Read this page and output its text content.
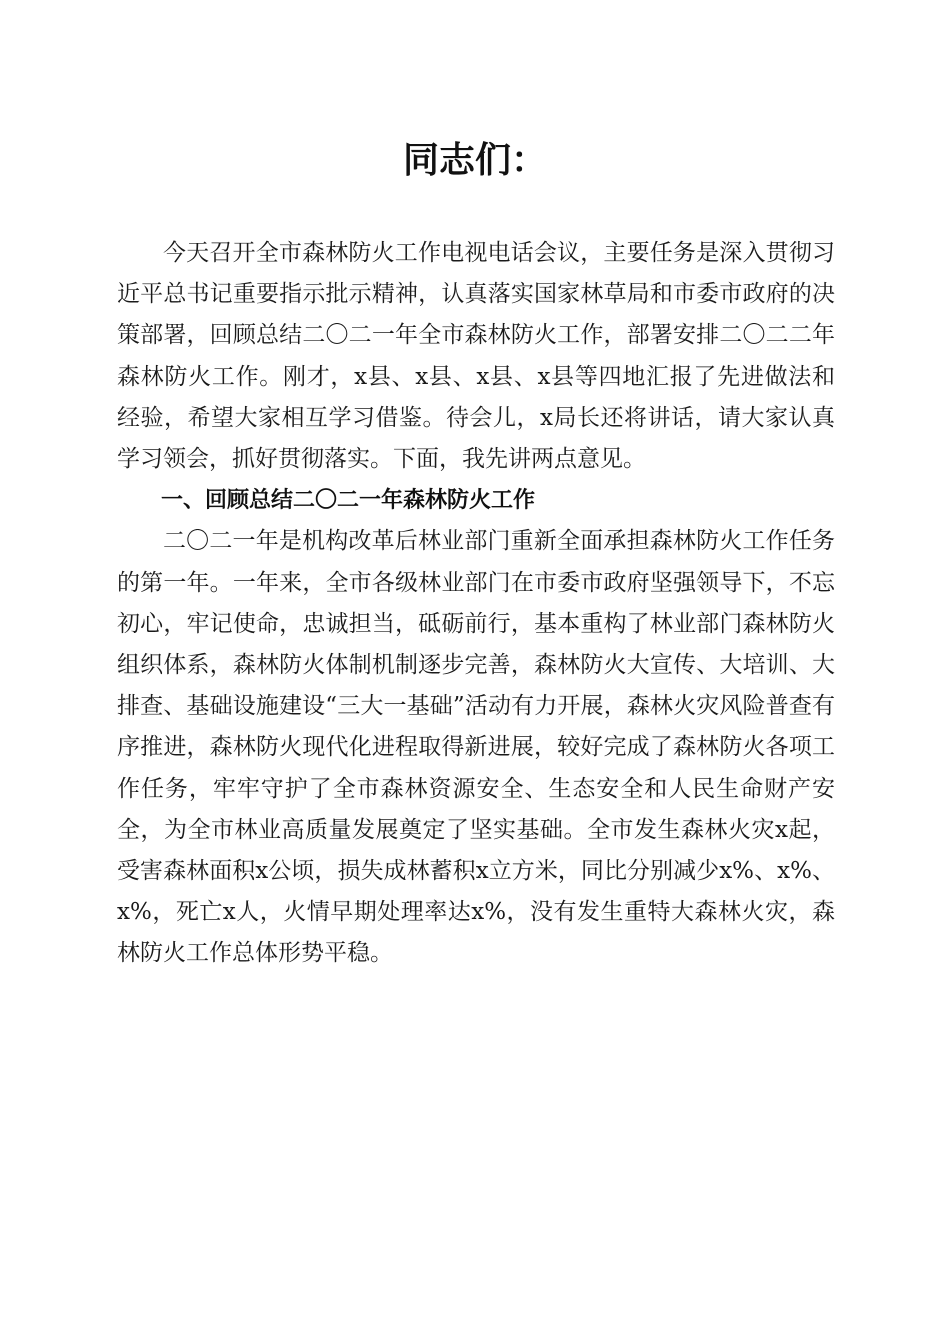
同志们：

今天召开全市森林防火工作电视电话会议，主要任务是深入贯彻习近平总书记重要指示批示精神，认真落实国家林草局和市委市政府的决策部署，回顾总结二〇二一年全市森林防火工作，部署安排二〇二二年森林防火工作。刚才，x县、x县、x县、x县等四地汇报了先进做法和经验，希望大家相互学习借鉴。待会儿，x局长还将讲话，请大家认真学习领会，抓好贯彻落实。下面，我先讲两点意见。

一、回顾总结二〇二一年森林防火工作

二〇二一年是机构改革后林业部门重新全面承担森林防火工作任务的第一年。一年来，全市各级林业部门在市委市政府坚强领导下，不忘初心，牢记使命，忠诚担当，砥砺前行，基本重构了林业部门森林防火组织体系，森林防火体制机制逐步完善，森林防火大宣传、大培训、大排查、基础设施建设“三大一基础”活动有力开展，森林火灾风险普查有序推进，森林防火现代化进程取得新进展，较好完成了森林防火各项工作任务，牢牢守护了全市森林资源安全、生态安全和人民生命财产安全，为全市林业高质量发展奠定了坚实基础。全市发生森林火灾x起，受害森林面积x公顷，损失成林蓄积x立方米，同比分别减少x%、x%、x%，死亡x人，火情早期处理率达x%，没有发生重特大森林火灾，森林防火工作总体形势平稳。
